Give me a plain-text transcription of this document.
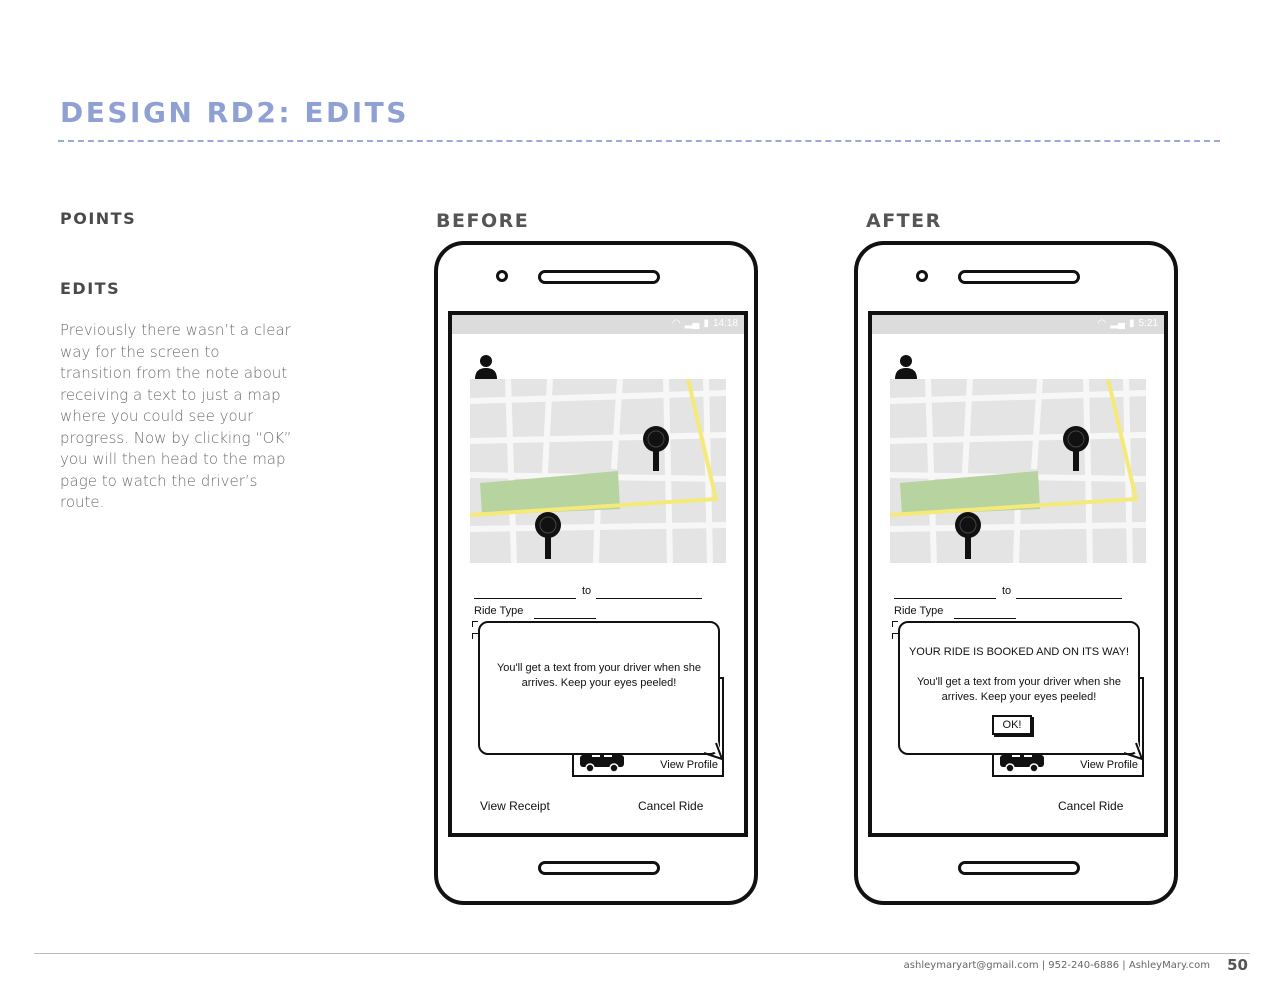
DESIGN RD2: EDITS
POINTS
EDITS
Previously there wasn’t a clear way for the screen to transition from the note about receiving a text to just a map where you could see your progress. Now by clicking “OK” you will then head to the map page to watch the driver’s route.
BEFORE	AFTER
◠ ▂▄ ▮ 14:18
to
Ride Type
View Profile
You'll get a text from your driver when she arrives. Keep your eyes peeled!
View Receipt	Cancel Ride
◠ ▂▄ ▮ 5:21
to
Ride Type
View Profile
YOUR RIDE IS BOOKED AND ON ITS WAY!
You'll get a text from your driver when she arrives. Keep your eyes peeled!
OK!
Cancel Ride
ashleymaryart@gmail.com | 952-240-6886 | AshleyMary.com 50
